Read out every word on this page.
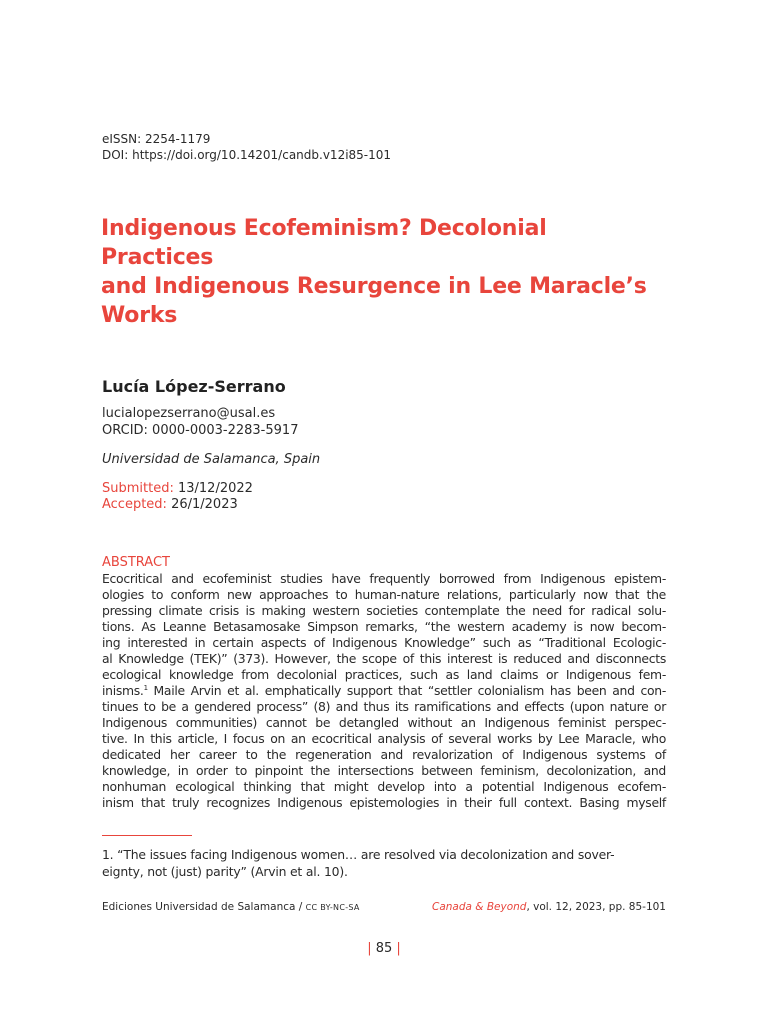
eISSN: 2254-1179
DOI: https://doi.org/10.14201/candb.v12i85-101
Indigenous Ecofeminism? Decolonial Practices
and Indigenous Resurgence in Lee Maracle’s
Works
Lucía López-Serrano
lucialopezserrano@usal.es
ORCID: 0000-0003-2283-5917
Universidad de Salamanca, Spain
Submitted: 13/12/2022
Accepted: 26/1/2023
ABSTRACT
Ecocritical and ecofeminist studies have frequently borrowed from Indigenous epistem-
ologies to conform new approaches to human-nature relations, particularly now that the
pressing climate crisis is making western societies contemplate the need for radical solu-
tions. As Leanne Betasamosake Simpson remarks, “the western academy is now becom-
ing interested in certain aspects of Indigenous Knowledge” such as “Traditional Ecologic-
al Knowledge (TEK)” (373). However, the scope of this interest is reduced and disconnects
ecological knowledge from decolonial practices, such as land claims or Indigenous fem-
inisms.$^1$ Maile Arvin et al. emphatically support that “settler colonialism has been and con-
tinues to be a gendered process” (8) and thus its ramifications and effects (upon nature or
Indigenous communities) cannot be detangled without an Indigenous feminist perspec-
tive. In this article, I focus on an ecocritical analysis of several works by Lee Maracle, who
dedicated her career to the regeneration and revalorization of Indigenous systems of
knowledge, in order to pinpoint the intersections between feminism, decolonization, and
nonhuman ecological thinking that might develop into a potential Indigenous ecofem-
inism that truly recognizes Indigenous epistemologies in their full context. Basing myself
1. “The issues facing Indigenous women… are resolved via decolonization and sover-
eignty, not (just) parity” (Arvin et al. 10).
Ediciones Universidad de Salamanca / CC BY-NC-SA	Canada & Beyond, vol. 12, 2023, pp. 85-101
| 85 |
